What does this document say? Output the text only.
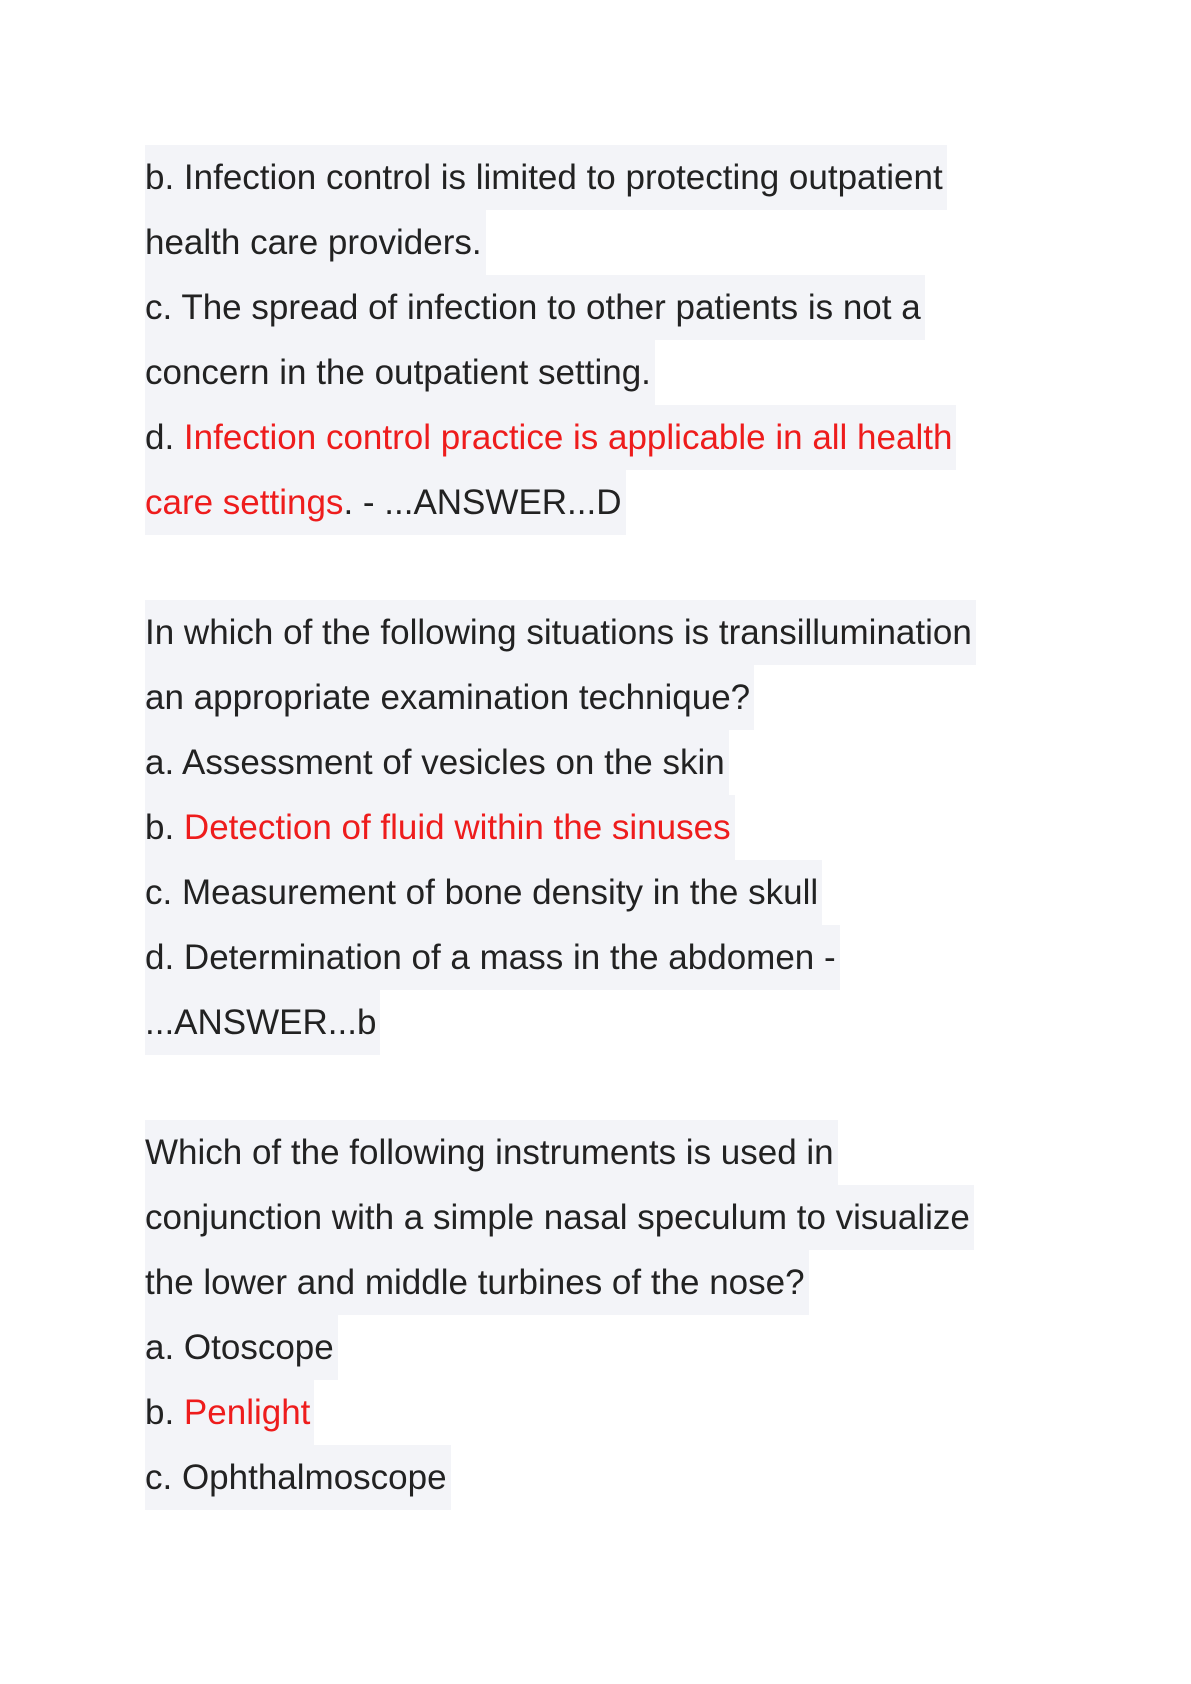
b. Infection control is limited to protecting outpatient
health care providers.
c. The spread of infection to other patients is not a
concern in the outpatient setting.
d. Infection control practice is applicable in all health
care settings. - ...ANSWER...D
In which of the following situations is transillumination
an appropriate examination technique?
a. Assessment of vesicles on the skin
b. Detection of fluid within the sinuses
c. Measurement of bone density in the skull
d. Determination of a mass in the abdomen -
...ANSWER...b
Which of the following instruments is used in
conjunction with a simple nasal speculum to visualize
the lower and middle turbines of the nose?
a. Otoscope
b. Penlight
c. Ophthalmoscope
